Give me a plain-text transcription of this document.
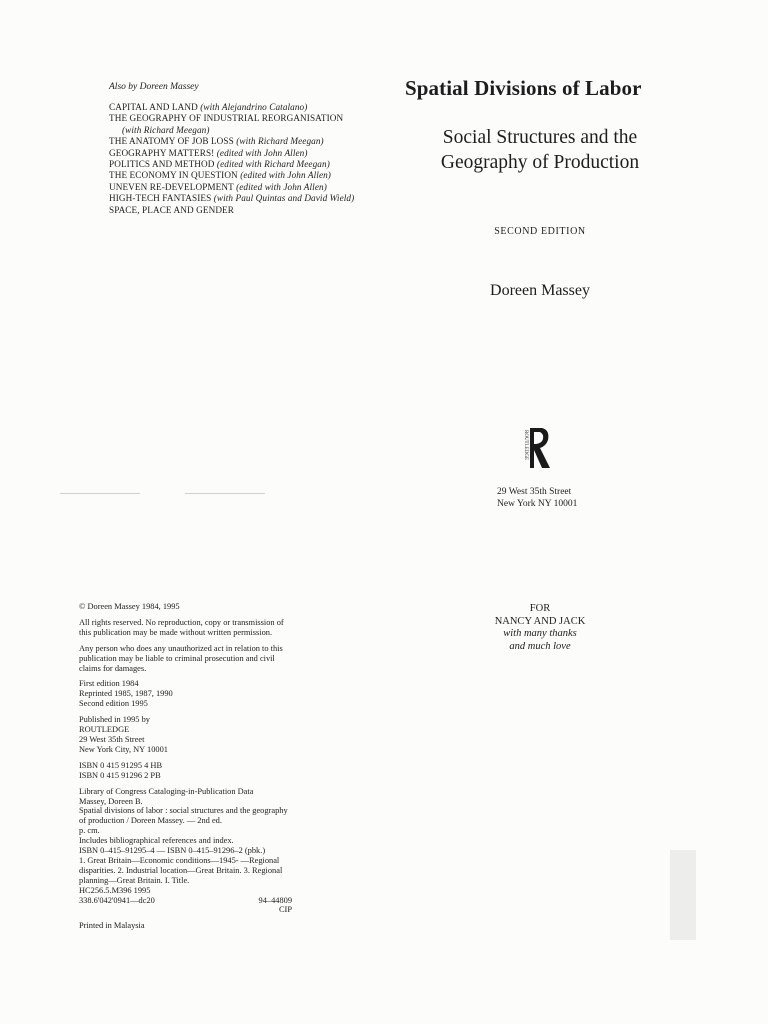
Also by Doreen Massey
CAPITAL AND LAND (with Alejandrino Catalano)
THE GEOGRAPHY OF INDUSTRIAL REORGANISATION
(with Richard Meegan)
THE ANATOMY OF JOB LOSS (with Richard Meegan)
GEOGRAPHY MATTERS! (edited with John Allen)
POLITICS AND METHOD (edited with Richard Meegan)
THE ECONOMY IN QUESTION (edited with John Allen)
UNEVEN RE-DEVELOPMENT (edited with John Allen)
HIGH-TECH FANTASIES (with Paul Quintas and David Wield)
SPACE, PLACE AND GENDER
Spatial Divisions of Labor
Social Structures and the
Geography of Production
SECOND EDITION
Doreen Massey
ROUTLEDGE
29 West 35th Street
New York NY 10001

© Doreen Massey 1984, 1995

All rights reserved. No reproduction, copy or transmission of
this publication may be made without written permission.

Any person who does any unauthorized act in relation to this
publication may be liable to criminal prosecution and civil
claims for damages.

First edition 1984
Reprinted 1985, 1987, 1990
Second edition 1995

Published in 1995 by
ROUTLEDGE
29 West 35th Street
New York City, NY 10001

ISBN 0 415 91295 4 HB
ISBN 0 415 91296 2 PB

Library of Congress Cataloging-in-Publication Data
Massey, Doreen B.
Spatial divisions of labor : social structures and the geography
of production / Doreen Massey. — 2nd ed.
p. cm.
Includes bibliographical references and index.
ISBN 0–415–91295–4 — ISBN 0–415–91296–2 (pbk.)
1. Great Britain—Economic conditions—1945- —Regional
disparities. 2. Industrial location—Great Britain. 3. Regional
planning—Great Britain. I. Title.
HC256.5.M396 1995
338.6'042'0941—dc20	94–44809
CIP

Printed in Malaysia

FOR
NANCY AND JACK
with many thanks
and much love
